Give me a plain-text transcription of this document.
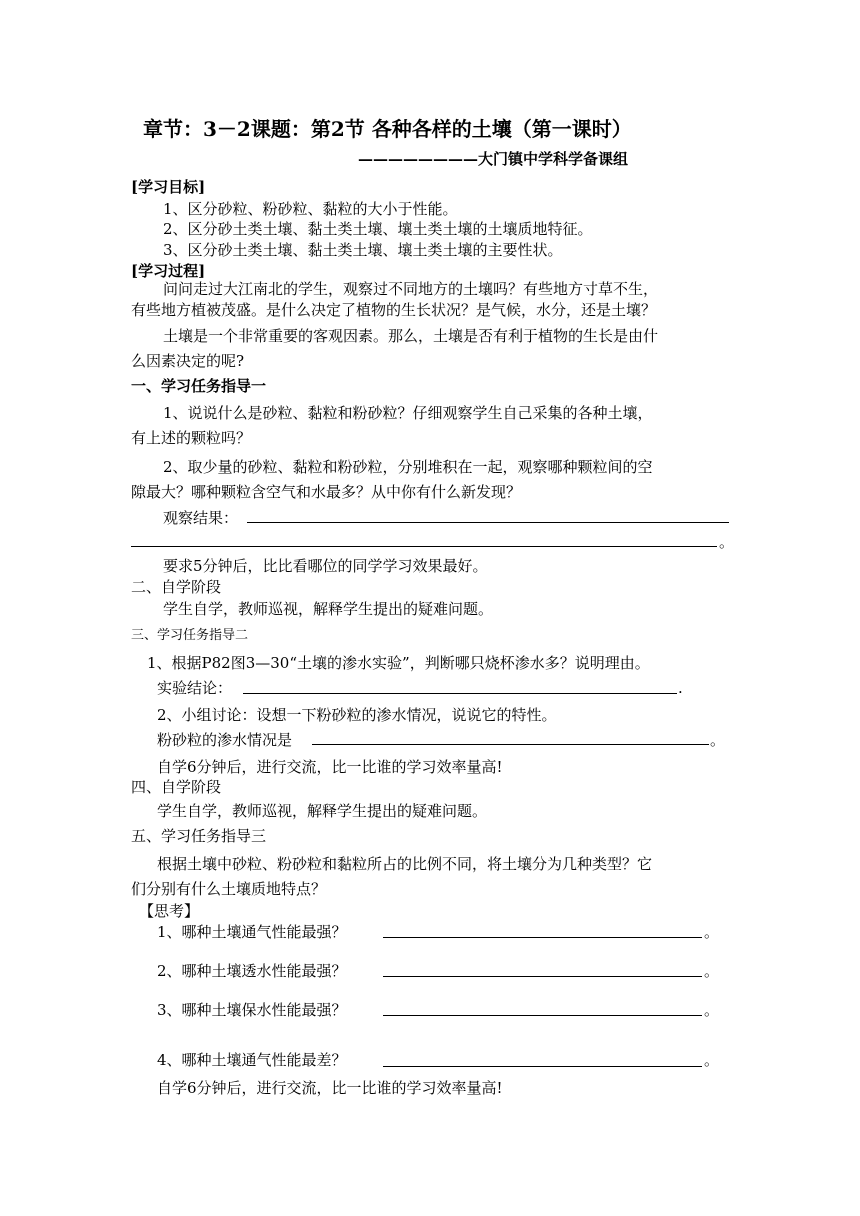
章节：3－2课题：第2节 各种各样的土壤（第一课时）
————————大门镇中学科学备课组
[学习目标]
1、区分砂粒、粉砂粒、黏粒的大小于性能。
2、区分砂土类土壤、黏土类土壤、壤土类土壤的土壤质地特征。
3、区分砂土类土壤、黏土类土壤、壤土类土壤的主要性状。
[学习过程]
问问走过大江南北的学生，观察过不同地方的土壤吗？有些地方寸草不生，
有些地方植被茂盛。是什么决定了植物的生长状况？是气候，水分，还是土壤？
土壤是一个非常重要的客观因素。那么，土壤是否有利于植物的生长是由什
么因素决定的呢?
一、学习任务指导一
1、说说什么是砂粒、黏粒和粉砂粒？仔细观察学生自己采集的各种土壤，
有上述的颗粒吗？
2、取少量的砂粒、黏粒和粉砂粒，分别堆积在一起，观察哪种颗粒间的空
隙最大？哪种颗粒含空气和水最多？从中你有什么新发现？
观察结果：
。
要求5分钟后，比比看哪位的同学学习效果最好。
二、自学阶段
学生自学，教师巡视，解释学生提出的疑难问题。
三、学习任务指导二
1、根据P82图3—30“土壤的渗水实验”，判断哪只烧杯渗水多？说明理由。
实验结论：	.
2、小组讨论：设想一下粉砂粒的渗水情况，说说它的特性。
粉砂粒的渗水情况是	。
自学6分钟后，进行交流，比一比谁的学习效率量高!
四、自学阶段
学生自学，教师巡视，解释学生提出的疑难问题。
五、学习任务指导三
根据土壤中砂粒、粉砂粒和黏粒所占的比例不同，将土壤分为几种类型？它
们分别有什么土壤质地特点？
【思考】
1、哪种土壤通气性能最强？	。
2、哪种土壤透水性能最强？	。
3、哪种土壤保水性能最强？	。
4、哪种土壤通气性能最差？	。
自学6分钟后，进行交流，比一比谁的学习效率量高!
